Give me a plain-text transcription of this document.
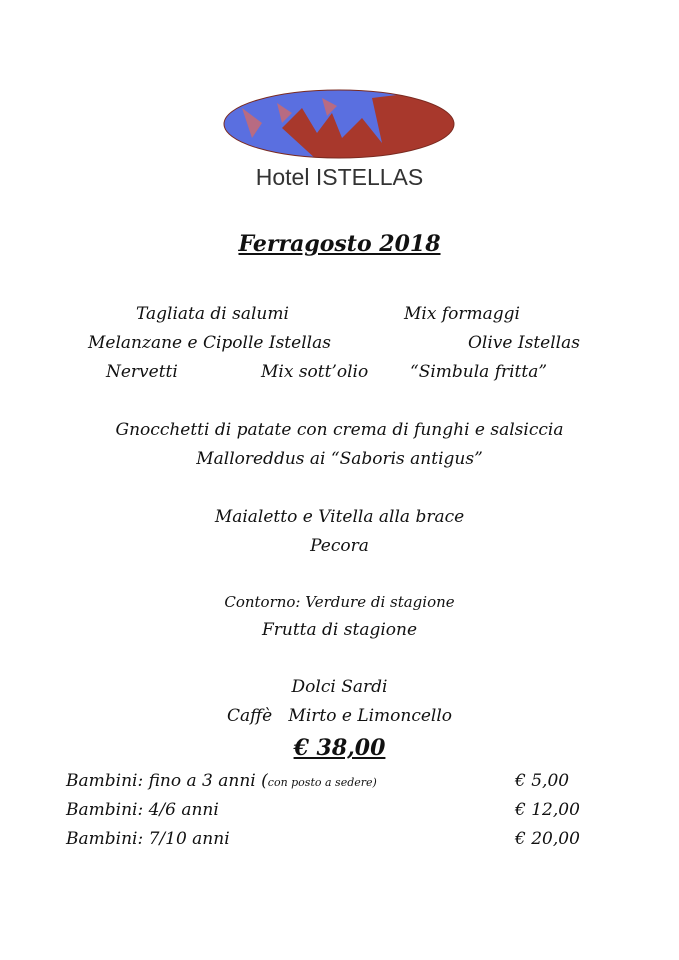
Hotel ISTELLAS
Ferragosto 2018
Tagliata di salumi	Mix formaggi
Melanzane e Cipolle Istellas	Olive Istellas
Nervetti	Mix sott’olio “Simbula fritta”
Gnocchetti di patate con crema di funghi e salsiccia
Malloreddus ai “Saboris antigus”
Maialetto e Vitella alla brace
Pecora
Contorno: Verdure di stagione
Frutta di stagione
Dolci Sardi
Caffè   Mirto e Limoncello
€ 38,00
Bambini: fino a 3 anni (con posto a sedere)	€ 5,00
Bambini: 4/6 anni	€ 12,00
Bambini: 7/10 anni	€ 20,00
